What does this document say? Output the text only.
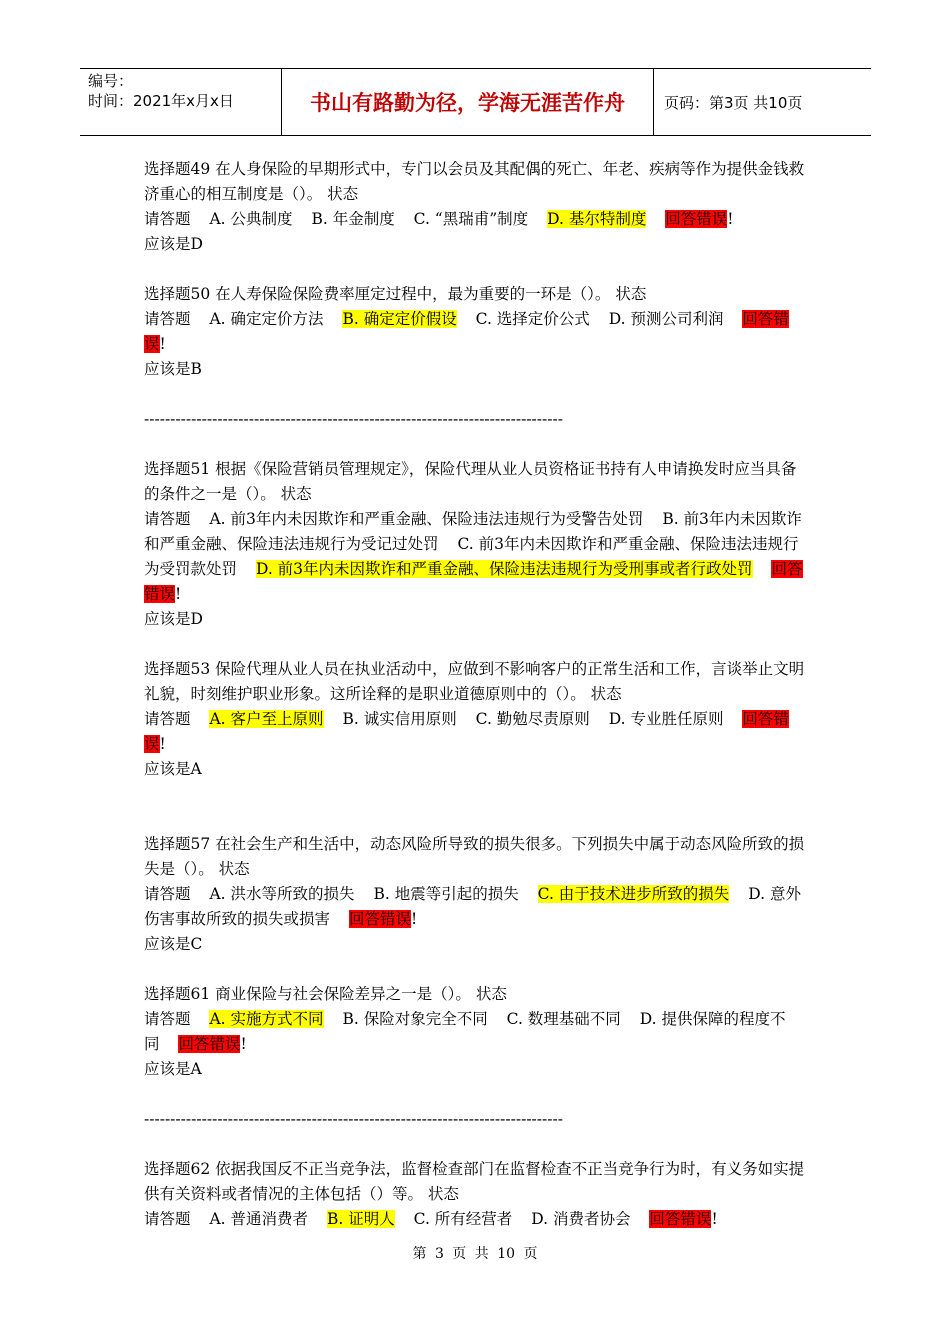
编号：
时间：2021年x月x日	书山有路勤为径，学海无涯苦作舟	页码：第3页 共10页

选择题49 在人身保险的早期形式中，专门以会员及其配偶的死亡、年老、疾病等作为提供金钱救济重心的相互制度是（）。 状态

请答题 A. 公典制度 B. 年金制度 C. “黑瑞甫”制度 D. 基尔特制度 回答错误!

应该是D

选择题50 在人寿保险保险费率厘定过程中，最为重要的一环是（）。 状态

请答题 A. 确定定价方法 B. 确定定价假设 C. 选择定价公式 D. 预测公司利润 回答错误!

应该是B

--------------------------------------------------------------------------------

选择题51 根据《保险营销员管理规定》，保险代理从业人员资格证书持有人申请换发时应当具备的条件之一是（）。 状态

请答题 A. 前3年内未因欺诈和严重金融、保险违法违规行为受警告处罚 B. 前3年内未因欺诈和严重金融、保险违法违规行为受记过处罚 C. 前3年内未因欺诈和严重金融、保险违法违规行为受罚款处罚 D. 前3年内未因欺诈和严重金融、保险违法违规行为受刑事或者行政处罚 回答错误!

应该是D

选择题53 保险代理从业人员在执业活动中，应做到不影响客户的正常生活和工作，言谈举止文明礼貌，时刻维护职业形象。这所诠释的是职业道德原则中的（）。 状态

请答题 A. 客户至上原则 B. 诚实信用原则 C. 勤勉尽责原则 D. 专业胜任原则 回答错误!

应该是A

选择题57 在社会生产和生活中，动态风险所导致的损失很多。下列损失中属于动态风险所致的损失是（）。 状态

请答题 A. 洪水等所致的损失 B. 地震等引起的损失 C. 由于技术进步所致的损失 D. 意外伤害事故所致的损失或损害 回答错误!

应该是C

选择题61 商业保险与社会保险差异之一是（）。 状态

请答题 A. 实施方式不同 B. 保险对象完全不同 C. 数理基础不同 D. 提供保障的程度不同 回答错误!

应该是A

--------------------------------------------------------------------------------

选择题62 依据我国反不正当竞争法，监督检查部门在监督检查不正当竞争行为时，有义务如实提供有关资料或者情况的主体包括（）等。 状态

请答题 A. 普通消费者 B. 证明人 C. 所有经营者 D. 消费者协会 回答错误!

第 3 页 共 10 页
